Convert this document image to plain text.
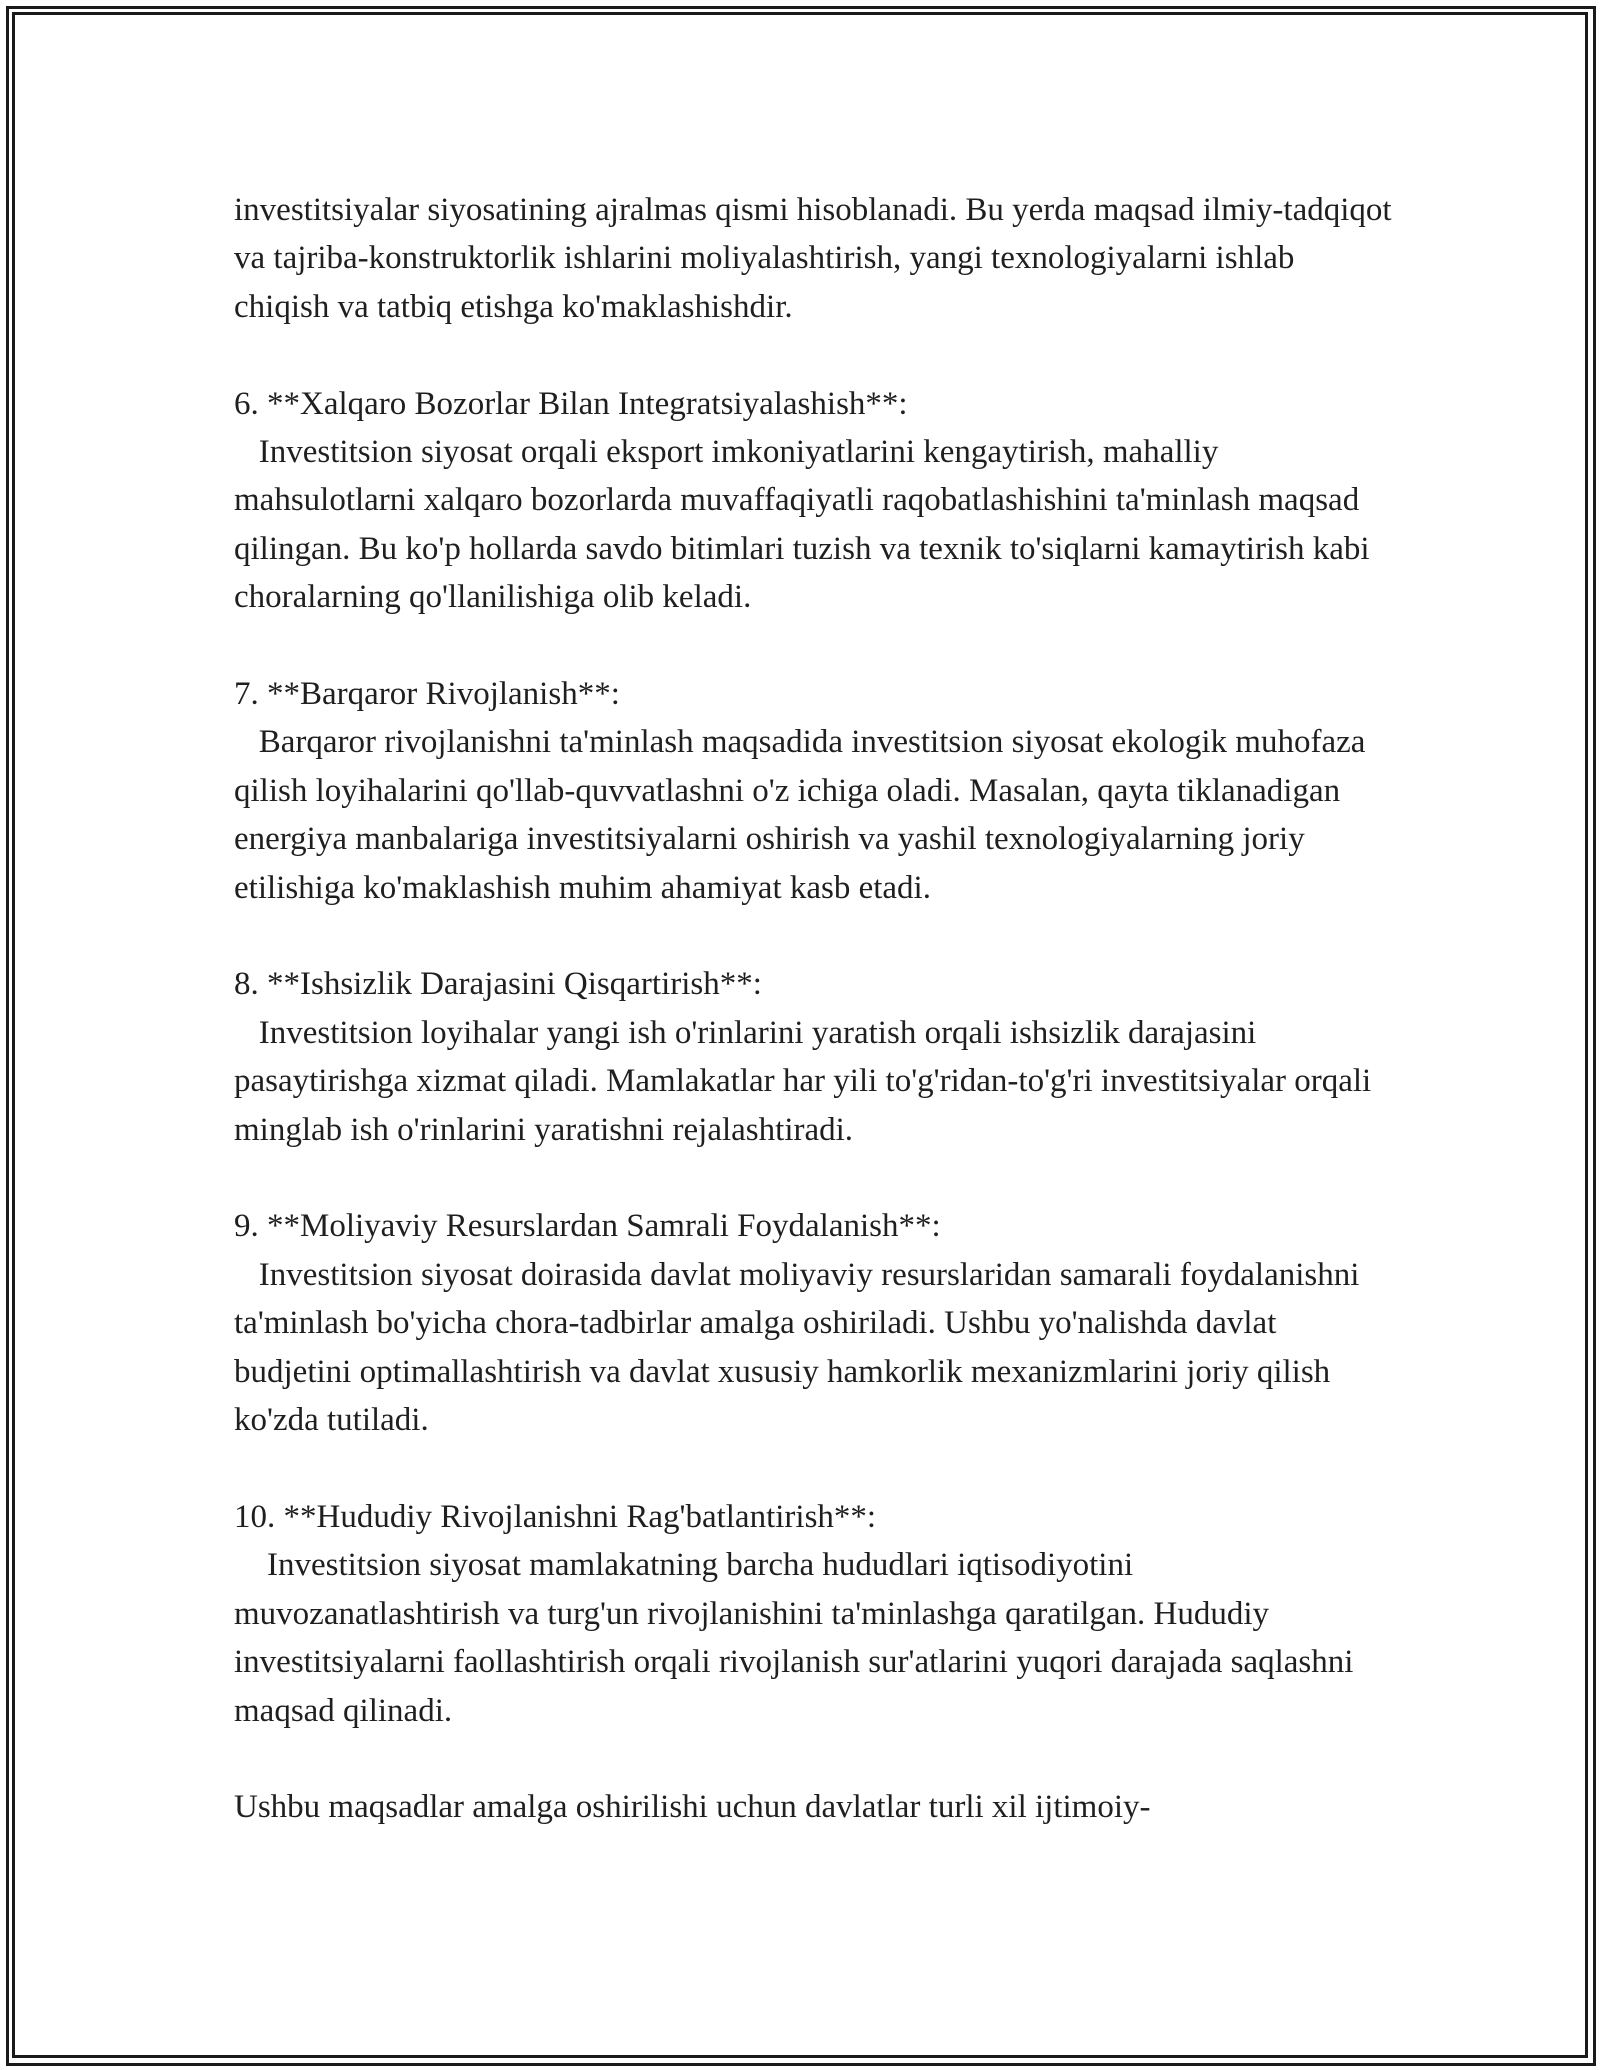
investitsiyalar siyosatining ajralmas qismi hisoblanadi. Bu yerda maqsad ilmiy-tadqiqot va tajriba-konstruktorlik ishlarini moliyalashtirish, yangi texnologiyalarni ishlab chiqish va tatbiq etishga ko'maklashishdir.

6. **Xalqaro Bozorlar Bilan Integratsiyalashish**:

Investitsion siyosat orqali eksport imkoniyatlarini kengaytirish, mahalliy mahsulotlarni xalqaro bozorlarda muvaffaqiyatli raqobatlashishini ta'minlash maqsad qilingan. Bu ko'p hollarda savdo bitimlari tuzish va texnik to'siqlarni kamaytirish kabi choralarning qo'llanilishiga olib keladi.

7. **Barqaror Rivojlanish**:

Barqaror rivojlanishni ta'minlash maqsadida investitsion siyosat ekologik muhofaza qilish loyihalarini qo'llab-quvvatlashni o'z ichiga oladi. Masalan, qayta tiklanadigan energiya manbalariga investitsiyalarni oshirish va yashil texnologiyalarning joriy etilishiga ko'maklashish muhim ahamiyat kasb etadi.

8. **Ishsizlik Darajasini Qisqartirish**:

Investitsion loyihalar yangi ish o'rinlarini yaratish orqali ishsizlik darajasini pasaytirishga xizmat qiladi. Mamlakatlar har yili to'g'ridan-to'g'ri investitsiyalar orqali minglab ish o'rinlarini yaratishni rejalashtiradi.

9. **Moliyaviy Resurslardan Samrali Foydalanish**:

Investitsion siyosat doirasida davlat moliyaviy resurslaridan samarali foydalanishni ta'minlash bo'yicha chora-tadbirlar amalga oshiriladi. Ushbu yo'nalishda davlat budjetini optimallashtirish va davlat xususiy hamkorlik mexanizmlarini joriy qilish ko'zda tutiladi.

10. **Hududiy Rivojlanishni Rag'batlantirish**:

Investitsion siyosat mamlakatning barcha hududlari iqtisodiyotini muvozanatlashtirish va turg'un rivojlanishini ta'minlashga qaratilgan. Hududiy investitsiyalarni faollashtirish orqali rivojlanish sur'atlarini yuqori darajada saqlashni maqsad qilinadi.

Ushbu maqsadlar amalga oshirilishi uchun davlatlar turli xil ijtimoiy-
